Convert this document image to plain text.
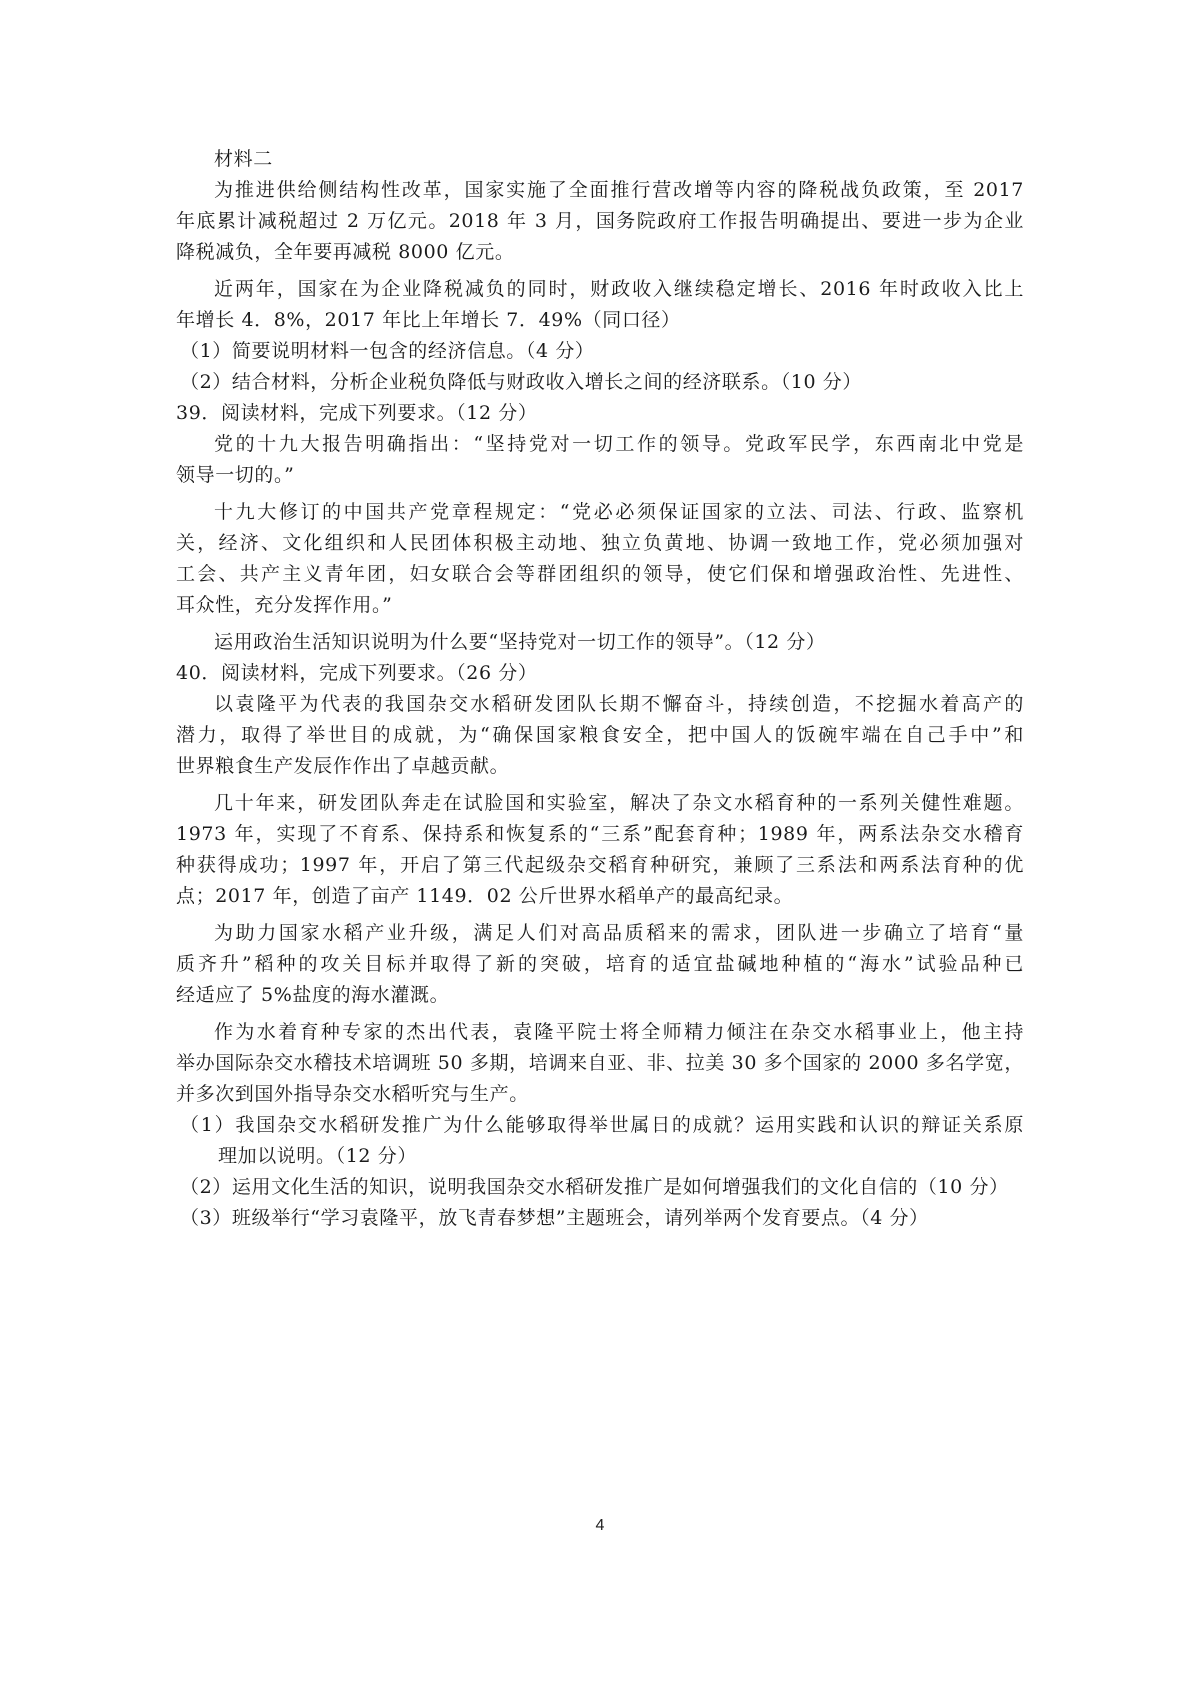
材料二

为推进供给侧结构性改革，国家实施了全面推行营改增等内容的降税战负政策，至 2017

年底累计减税超过 2 万亿元。2018 年 3 月，国务院政府工作报告明确提出、要进一步为企业

降税减负，全年要再减税 8000 亿元。

近两年，国家在为企业降税减负的同时，财政收入继续稳定增长、2016 年时政收入比上

年增长 4．8%，2017 年比上年增长 7．49%（同口径）

（1）简要说明材料一包含的经济信息。（4 分）

（2）结合材料，分析企业税负降低与财政收入增长之间的经济联系。（10 分）

39．阅读材料，完成下列要求。（12 分）

党的十九大报告明确指出：“坚持党对一切工作的领导。党政军民学，东西南北中党是

领导一切的。”

十九大修订的中国共产党章程规定：“党必必须保证国家的立法、司法、行政、监察机

关，经济、文化组织和人民团体积极主动地、独立负黄地、协调一致地工作，党必须加强对

工会、共产主义青年团，妇女联合会等群团组织的领导，使它们保和增强政治性、先进性、

耳众性，充分发挥作用。”

运用政治生活知识说明为什么要“坚持党对一切工作的领导”。（12 分）

40．阅读材料，完成下列要求。（26 分）

以袁隆平为代表的我国杂交水稻研发团队长期不懈奋斗，持续创造，不挖掘水着高产的

潜力，取得了举世目的成就，为“确保国家粮食安全，把中国人的饭碗牢端在自己手中”和

世界粮食生产发辰作作出了卓越贡献。

几十年来，研发团队奔走在试脸国和实验室，解决了杂文水稻育种的一系列关健性难题。

1973 年，实现了不育系、保持系和恢复系的“三系”配套育种；1989 年，两系法杂交水稽育

种获得成功；1997 年，开启了第三代起级杂交稻育种研究，兼顾了三系法和两系法育种的优

点；2017 年，创造了亩产 1149．02 公斤世界水稻单产的最高纪录。

为助力国家水稻产业升级，满足人们对高品质稻来的需求，团队进一步确立了培育“量

质齐升”稻种的攻关目标并取得了新的突破，培育的适宜盐碱地种植的“海水”试验品种已

经适应了 5%盐度的海水灌溉。

作为水着育种专家的杰出代表，袁隆平院士将全师精力倾注在杂交水稻事业上，他主持

举办国际杂交水稽技术培调班 50 多期，培调来自亚、非、拉美 30 多个国家的 2000 多名学宽，

并多次到国外指导杂交水稻听究与生产。

（1）我国杂交水稻研发推广为什么能够取得举世属日的成就？运用实践和认识的辩证关系原

理加以说明。（12 分）

（2）运用文化生活的知识，说明我国杂交水稻研发推广是如何增强我们的文化自信的（10 分）

（3）班级举行“学习袁隆平，放飞青春梦想”主题班会，请列举两个发育要点。（4 分）

4
